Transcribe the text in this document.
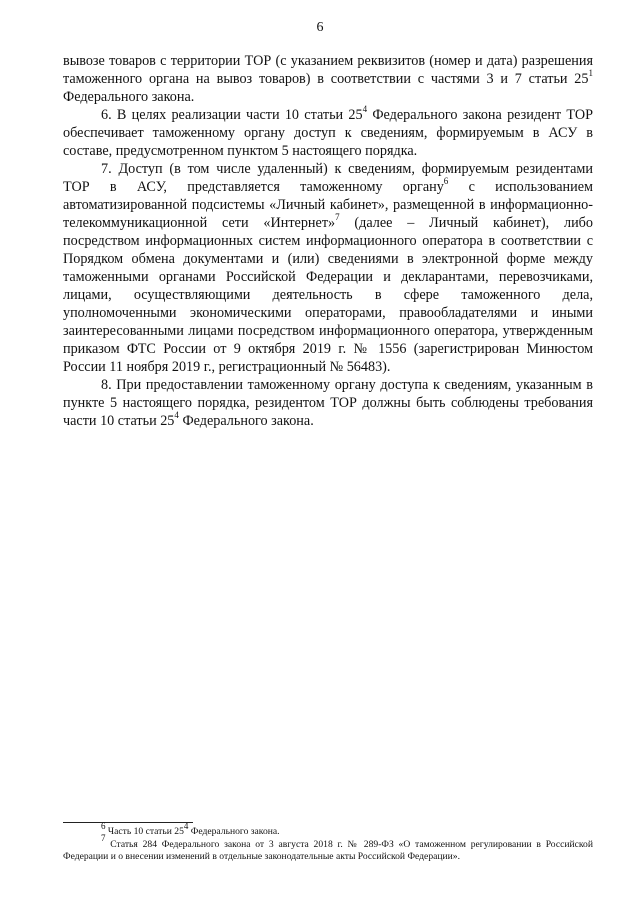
6

вывозе товаров с территории ТОР (с указанием реквизитов (номер и дата) разрешения таможенного органа на вывоз товаров) в соответствии с частями 3 и 7 статьи $25^1$ Федерального закона.

6. В целях реализации части 10 статьи $25^4$ Федерального закона резидент ТОР обеспечивает таможенному органу доступ к сведениям, формируемым в АСУ в составе, предусмотренном пунктом 5 настоящего порядка.

7. Доступ (в том числе удаленный) к сведениям, формируемым резидентами ТОР в АСУ, представляется таможенному органу$^6$ с использованием автоматизированной подсистемы «Личный кабинет», размещенной в информационно-телекоммуникационной сети «Интернет»$^7$ (далее – Личный кабинет), либо посредством информационных систем информационного оператора в соответствии с Порядком обмена документами и (или) сведениями в электронной форме между таможенными органами Российской Федерации и декларантами, перевозчиками, лицами, осуществляющими деятельность в сфере таможенного дела, уполномоченными экономическими операторами, правообладателями и иными заинтересованными лицами посредством информационного оператора, утвержденным приказом ФТС России от 9 октября 2019 г. № 1556 (зарегистрирован Минюстом России 11 ноября 2019 г., регистрационный № 56483).

8. При предоставлении таможенному органу доступа к сведениям, указанным в пункте 5 настоящего порядка, резидентом ТОР должны быть соблюдены требования части 10 статьи $25^4$ Федерального закона.

$^6$ Часть 10 статьи $25^4$ Федерального закона.

$^7$ Статья 284 Федерального закона от 3 августа 2018 г. № 289-ФЗ «О таможенном регулировании в Российской Федерации и о внесении изменений в отдельные законодательные акты Российской Федерации».
